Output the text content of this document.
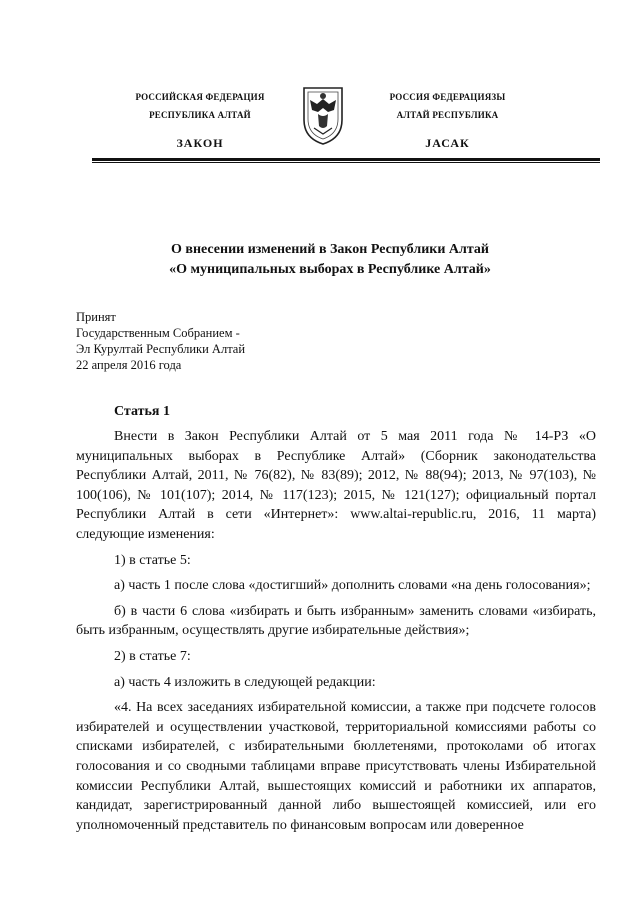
РОССИЙСКАЯ ФЕДЕРАЦИЯ
РЕСПУБЛИКА АЛТАЙ
ЗАКОН
РОССИЯ ФЕДЕРАЦИЯЗЫ
АЛТАЙ РЕСПУБЛИКА
JАСАК
О внесении изменений в Закон Республики Алтай
«О муниципальных выборах в Республике Алтай»
Принят
Государственным Собранием -
Эл Курултай Республики Алтай
22 апреля 2016 года
Статья 1

Внести в Закон Республики Алтай от 5 мая 2011 года № 14-РЗ «О муниципальных выборах в Республике Алтай» (Сборник законодательства Республики Алтай, 2011, № 76(82), № 83(89); 2012, № 88(94); 2013, № 97(103), № 100(106), № 101(107); 2014, № 117(123); 2015, № 121(127); официальный портал Республики Алтай в сети «Интернет»: www.altai-republic.ru, 2016, 11 марта) следующие изменения:

1) в статье 5:

а) часть 1 после слова «достигший» дополнить словами «на день голосования»;

б) в части 6 слова «избирать и быть избранным» заменить словами «избирать, быть избранным, осуществлять другие избирательные действия»;

2) в статье 7:

а) часть 4 изложить в следующей редакции:

«4. На всех заседаниях избирательной комиссии, а также при подсчете голосов избирателей и осуществлении участковой, территориальной комиссиями работы со списками избирателей, с избирательными бюллетенями, протоколами об итогах голосования и со сводными таблицами вправе присутствовать члены Избирательной комиссии Республики Алтай, вышестоящих комиссий и работники их аппаратов, кандидат, зарегистрированный данной либо вышестоящей комиссией, или его уполномоченный представитель по финансовым вопросам или доверенное
